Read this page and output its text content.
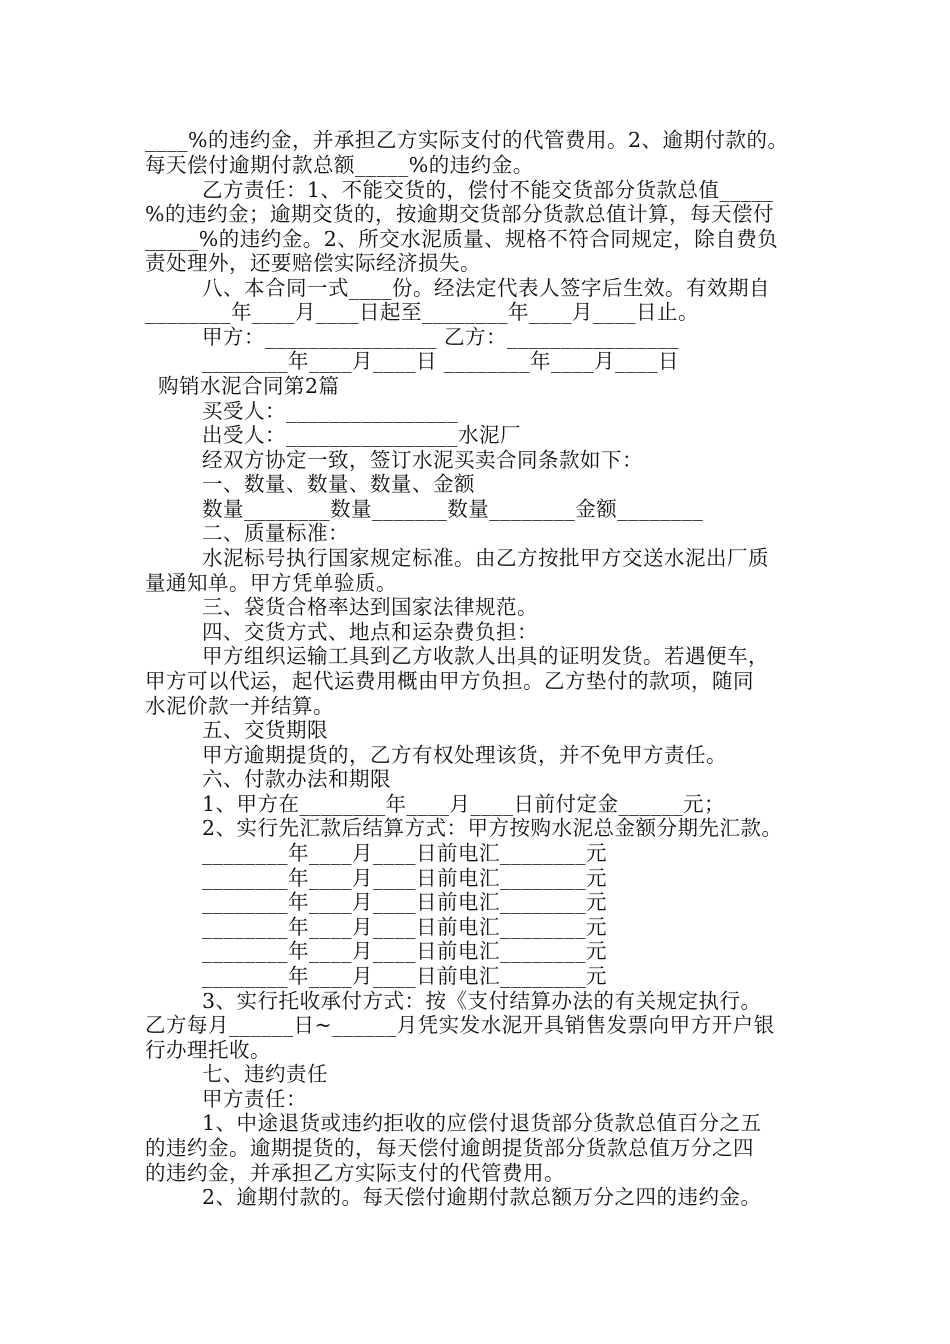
____%的违约金，并承担乙方实际支付的代管费用。2、逾期付款的。
每天偿付逾期付款总额_____%的违约金。
乙方责任：1、不能交货的，偿付不能交货部分货款总值_____
%的违约金；逾期交货的，按逾期交货部分货款总值计算，每天偿付
_____%的违约金。2、所交水泥质量、规格不符合同规定，除自费负
责处理外，还要赔偿实际经济损失。
八、本合同一式____份。经法定代表人签字后生效。有效期自
________年____月____日起至________年____月____日止。
甲方：________________ 乙方：________________
________年____月____日 ________年____月____日
购销水泥合同第2篇
买受人：________________
出受人：________________水泥厂
经双方协定一致，签订水泥买卖合同条款如下：
一、数量、数量、数量、金额
数量________数量_______数量________金额________
二、质量标准：
水泥标号执行国家规定标准。由乙方按批甲方交送水泥出厂质
量通知单。甲方凭单验质。
三、袋货合格率达到国家法律规范。
四、交货方式、地点和运杂费负担：
甲方组织运输工具到乙方收款人出具的证明发货。若遇便车，
甲方可以代运，起代运费用概由甲方负担。乙方垫付的款项，随同
水泥价款一并结算。
五、交货期限
甲方逾期提货的，乙方有权处理该货，并不免甲方责任。
六、付款办法和期限
1、甲方在________年____月____日前付定金______元；
2、实行先汇款后结算方式：甲方按购水泥总金额分期先汇款。
________年____月____日前电汇________元
________年____月____日前电汇________元
________年____月____日前电汇________元
________年____月____日前电汇________元
________年____月____日前电汇________元
________年____月____日前电汇________元
3、实行托收承付方式：按《支付结算办法的有关规定执行。
乙方每月______日~______月凭实发水泥开具销售发票向甲方开户银
行办理托收。
七、违约责任
甲方责任：
1、中途退货或违约拒收的应偿付退货部分货款总值百分之五
的违约金。逾期提货的，每天偿付逾朗提货部分货款总值万分之四
的违约金，并承担乙方实际支付的代管费用。
2、逾期付款的。每天偿付逾期付款总额万分之四的违约金。
